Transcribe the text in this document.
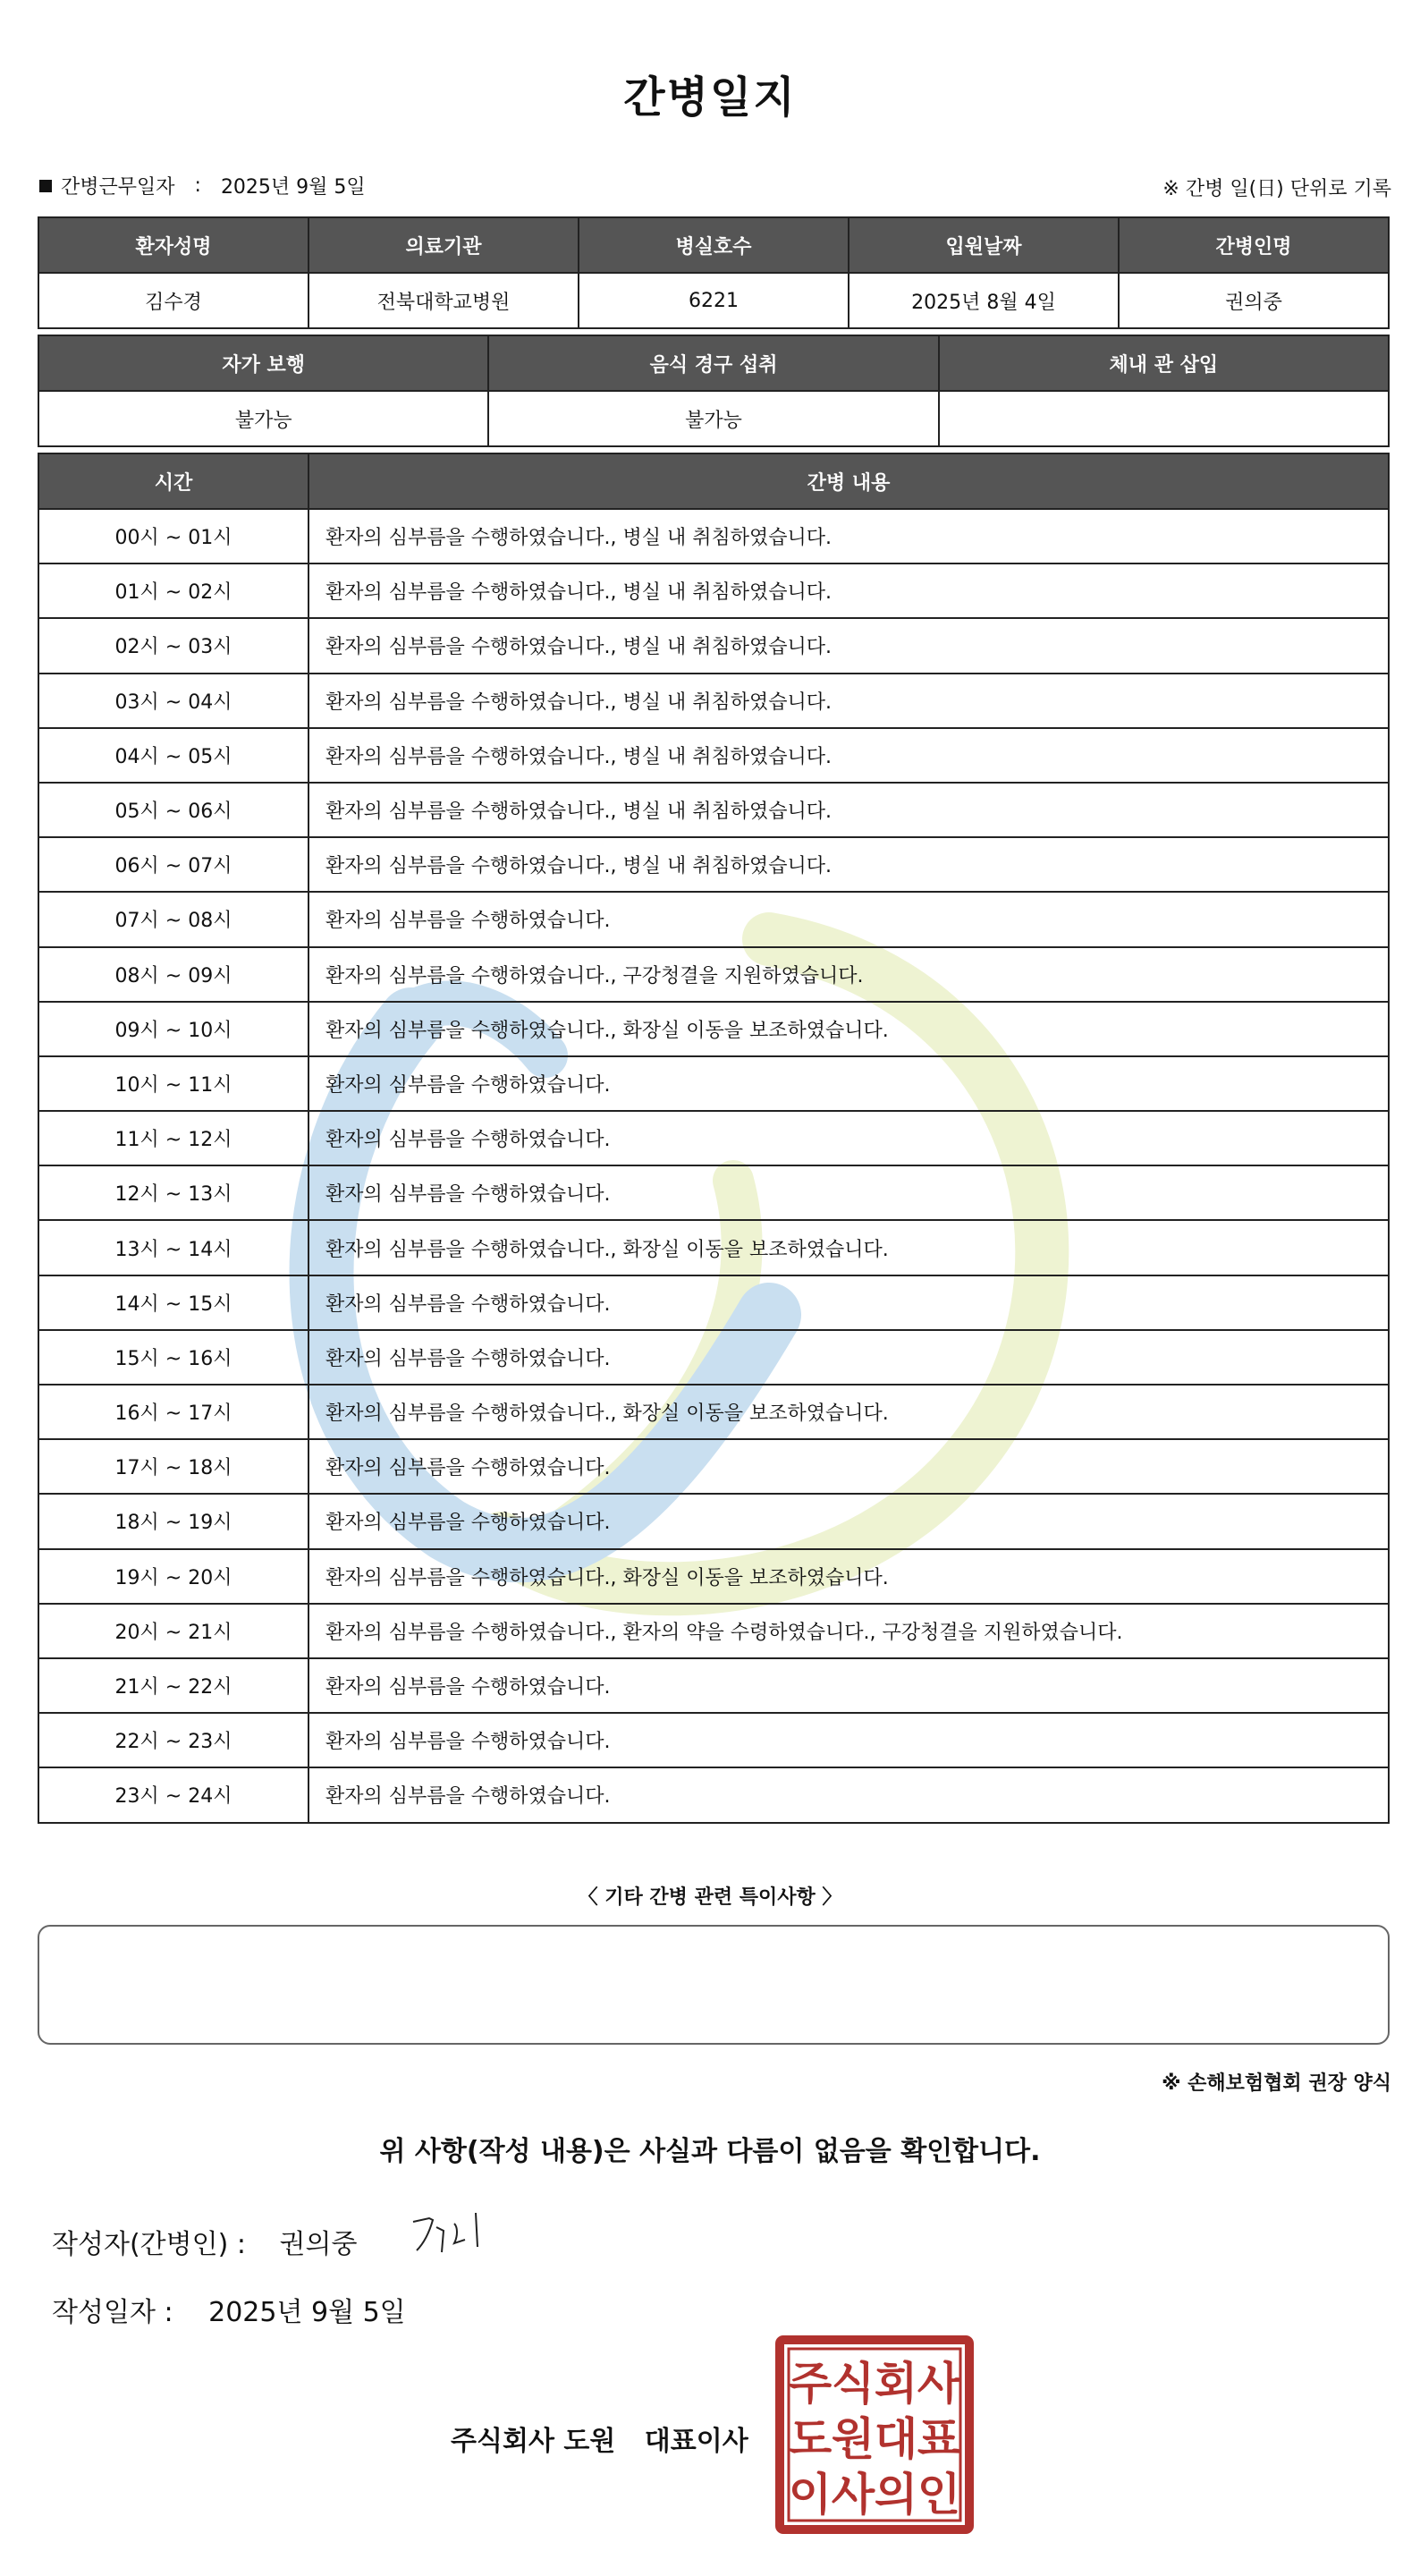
간병일지
간병근무일자 : 2025년 9월 5일	※ 간병 일(日) 단위로 기록
환자성명	의료기관	병실호수	입원날짜	간병인명
김수경	전북대학교병원	6221	2025년 8월 4일	권의중
자가 보행	음식 경구 섭취	체내 관 삽입
불가능	불가능	
시간	간병 내용
00시 ~ 01시	환자의 심부름을 수행하였습니다., 병실 내 취침하였습니다.
01시 ~ 02시	환자의 심부름을 수행하였습니다., 병실 내 취침하였습니다.
02시 ~ 03시	환자의 심부름을 수행하였습니다., 병실 내 취침하였습니다.
03시 ~ 04시	환자의 심부름을 수행하였습니다., 병실 내 취침하였습니다.
04시 ~ 05시	환자의 심부름을 수행하였습니다., 병실 내 취침하였습니다.
05시 ~ 06시	환자의 심부름을 수행하였습니다., 병실 내 취침하였습니다.
06시 ~ 07시	환자의 심부름을 수행하였습니다., 병실 내 취침하였습니다.
07시 ~ 08시	환자의 심부름을 수행하였습니다.
08시 ~ 09시	환자의 심부름을 수행하였습니다., 구강청결을 지원하였습니다.
09시 ~ 10시	환자의 심부름을 수행하였습니다., 화장실 이동을 보조하였습니다.
10시 ~ 11시	환자의 심부름을 수행하였습니다.
11시 ~ 12시	환자의 심부름을 수행하였습니다.
12시 ~ 13시	환자의 심부름을 수행하였습니다.
13시 ~ 14시	환자의 심부름을 수행하였습니다., 화장실 이동을 보조하였습니다.
14시 ~ 15시	환자의 심부름을 수행하였습니다.
15시 ~ 16시	환자의 심부름을 수행하였습니다.
16시 ~ 17시	환자의 심부름을 수행하였습니다., 화장실 이동을 보조하였습니다.
17시 ~ 18시	환자의 심부름을 수행하였습니다.
18시 ~ 19시	환자의 심부름을 수행하였습니다.
19시 ~ 20시	환자의 심부름을 수행하였습니다., 화장실 이동을 보조하였습니다.
20시 ~ 21시	환자의 심부름을 수행하였습니다., 환자의 약을 수령하였습니다., 구강청결을 지원하였습니다.
21시 ~ 22시	환자의 심부름을 수행하였습니다.
22시 ~ 23시	환자의 심부름을 수행하였습니다.
23시 ~ 24시	환자의 심부름을 수행하였습니다.
〈 기타 간병 관련 특이사항 〉
※ 손해보험협회 권장 양식
위 사항(작성 내용)은 사실과 다름이 없음을 확인합니다.
작성자(간병인) : 권의중
작성일자 : 2025년 9월 5일
주식회사 도원 대표이사
주 식 회 사
도 원 대 표
이 사 의 인
